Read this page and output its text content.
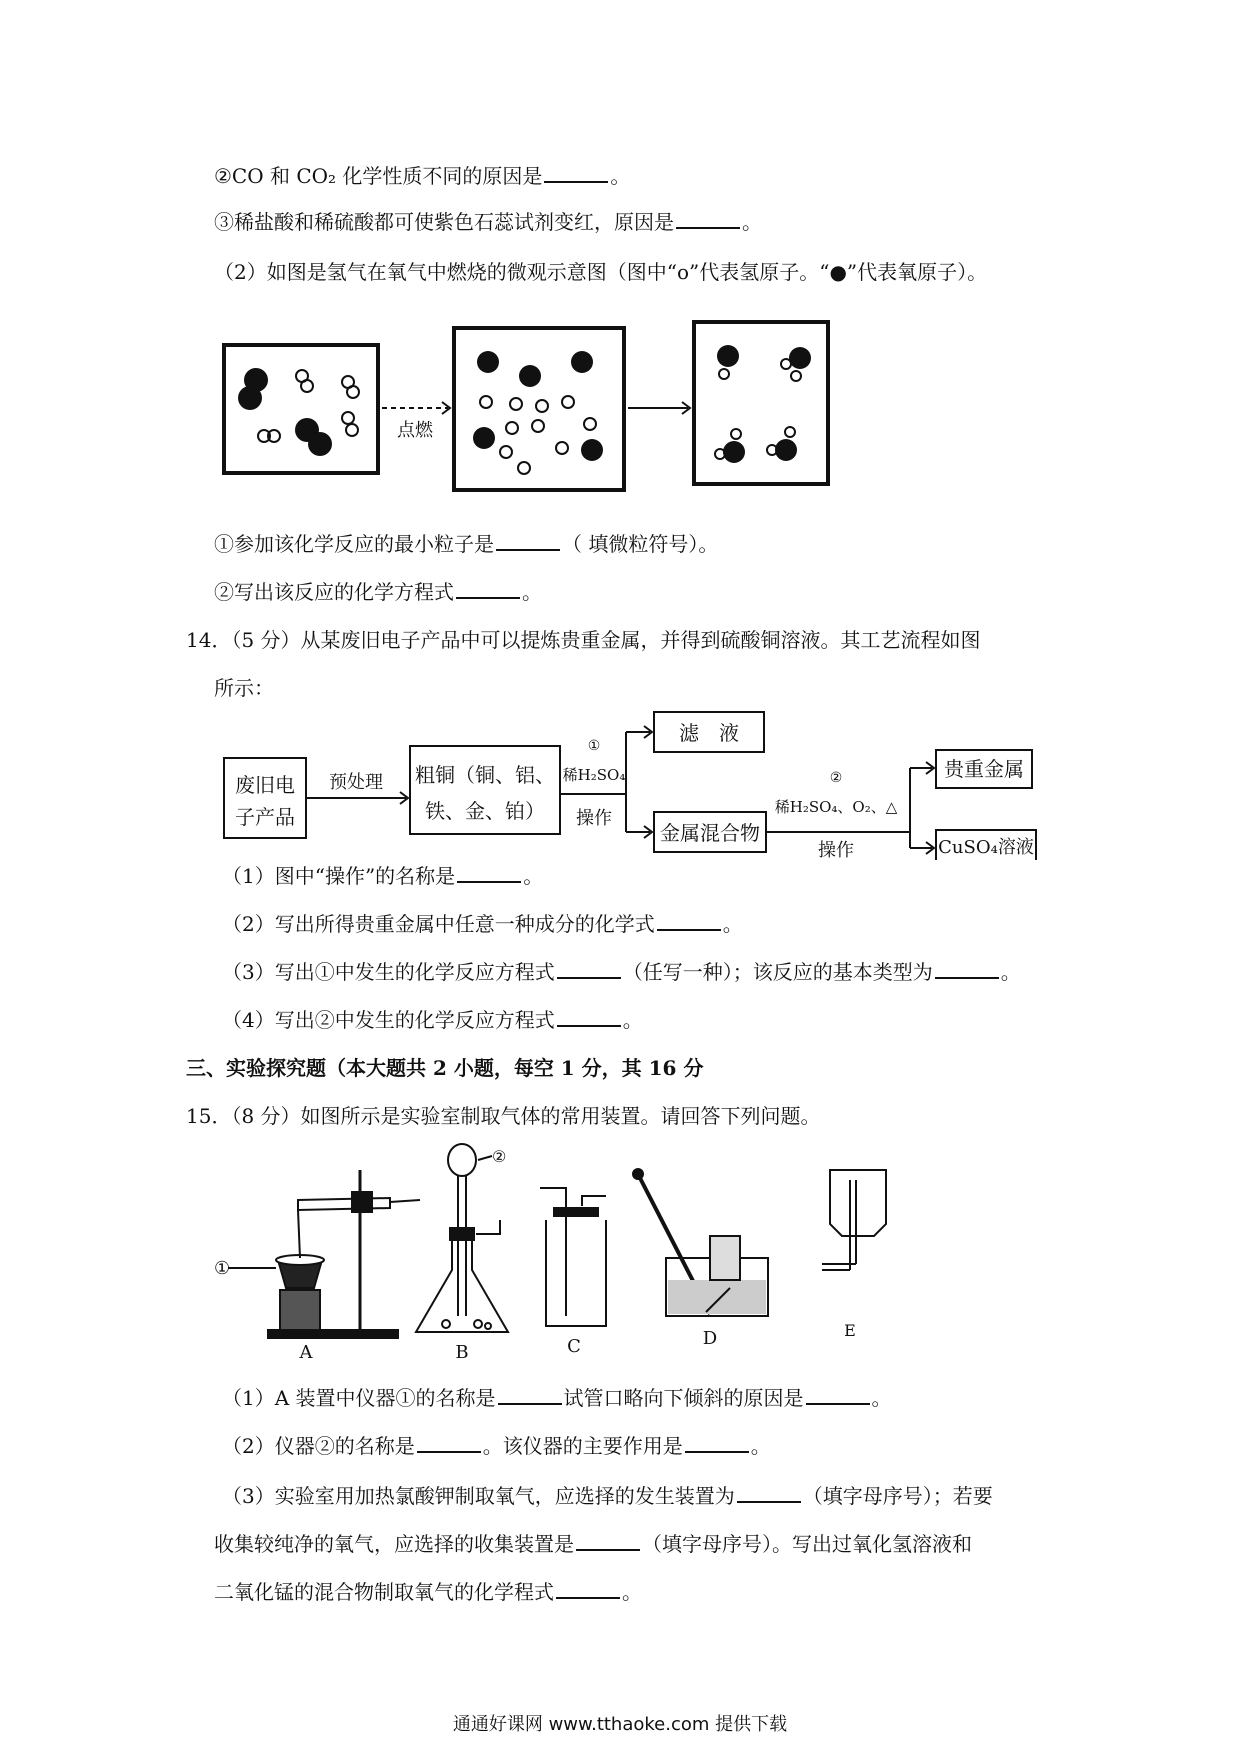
②CO 和 CO₂ 化学性质不同的原因是	。
③稀盐酸和稀硫酸都可使紫色石蕊试剂变红，原因是	。
（2）如图是氢气在氧气中燃烧的微观示意图（图中“o”代表氢原子。“●”代表氧原子）。
点燃
①参加该化学反应的最小粒子是	（ 填微粒符号）。
②写出该反应的化学方程式	。
14．（5 分）从某废旧电子产品中可以提炼贵重金属，并得到硫酸铜溶液。其工艺流程如图
所示：
废旧电
子产品
预处理 粗铜（铜、铝、
铁、金、铂）
①
稀H₂SO₄
操作
滤　液
金属混合物
②
稀H₂SO₄、O₂、△
操作
贵重金属
CuSO₄溶液
（1）图中“操作”的名称是	。
（2）写出所得贵重金属中任意一种成分的化学式	。
（3）写出①中发生的化学反应方程式	（任写一种）；该反应的基本类型为	。
（4）写出②中发生的化学反应方程式	。
三、实验探究题（本大题共 2 小题，每空 1 分，其 16 分
15．（8 分）如图所示是实验室制取气体的常用装置。请回答下列问题。
①
A
②
B	C	D	E
（1）A 装置中仪器①的名称是	试管口略向下倾斜的原因是	。
（2）仪器②的名称是	。该仪器的主要作用是	。
（3）实验室用加热氯酸钾制取氧气，应选择的发生装置为	（填字母序号）；若要
收集较纯净的氧气，应选择的收集装置是	（填字母序号）。写出过氧化氢溶液和
二氧化锰的混合物制取氧气的化学程式	。
通通好课网 www.tthaoke.com 提供下载
